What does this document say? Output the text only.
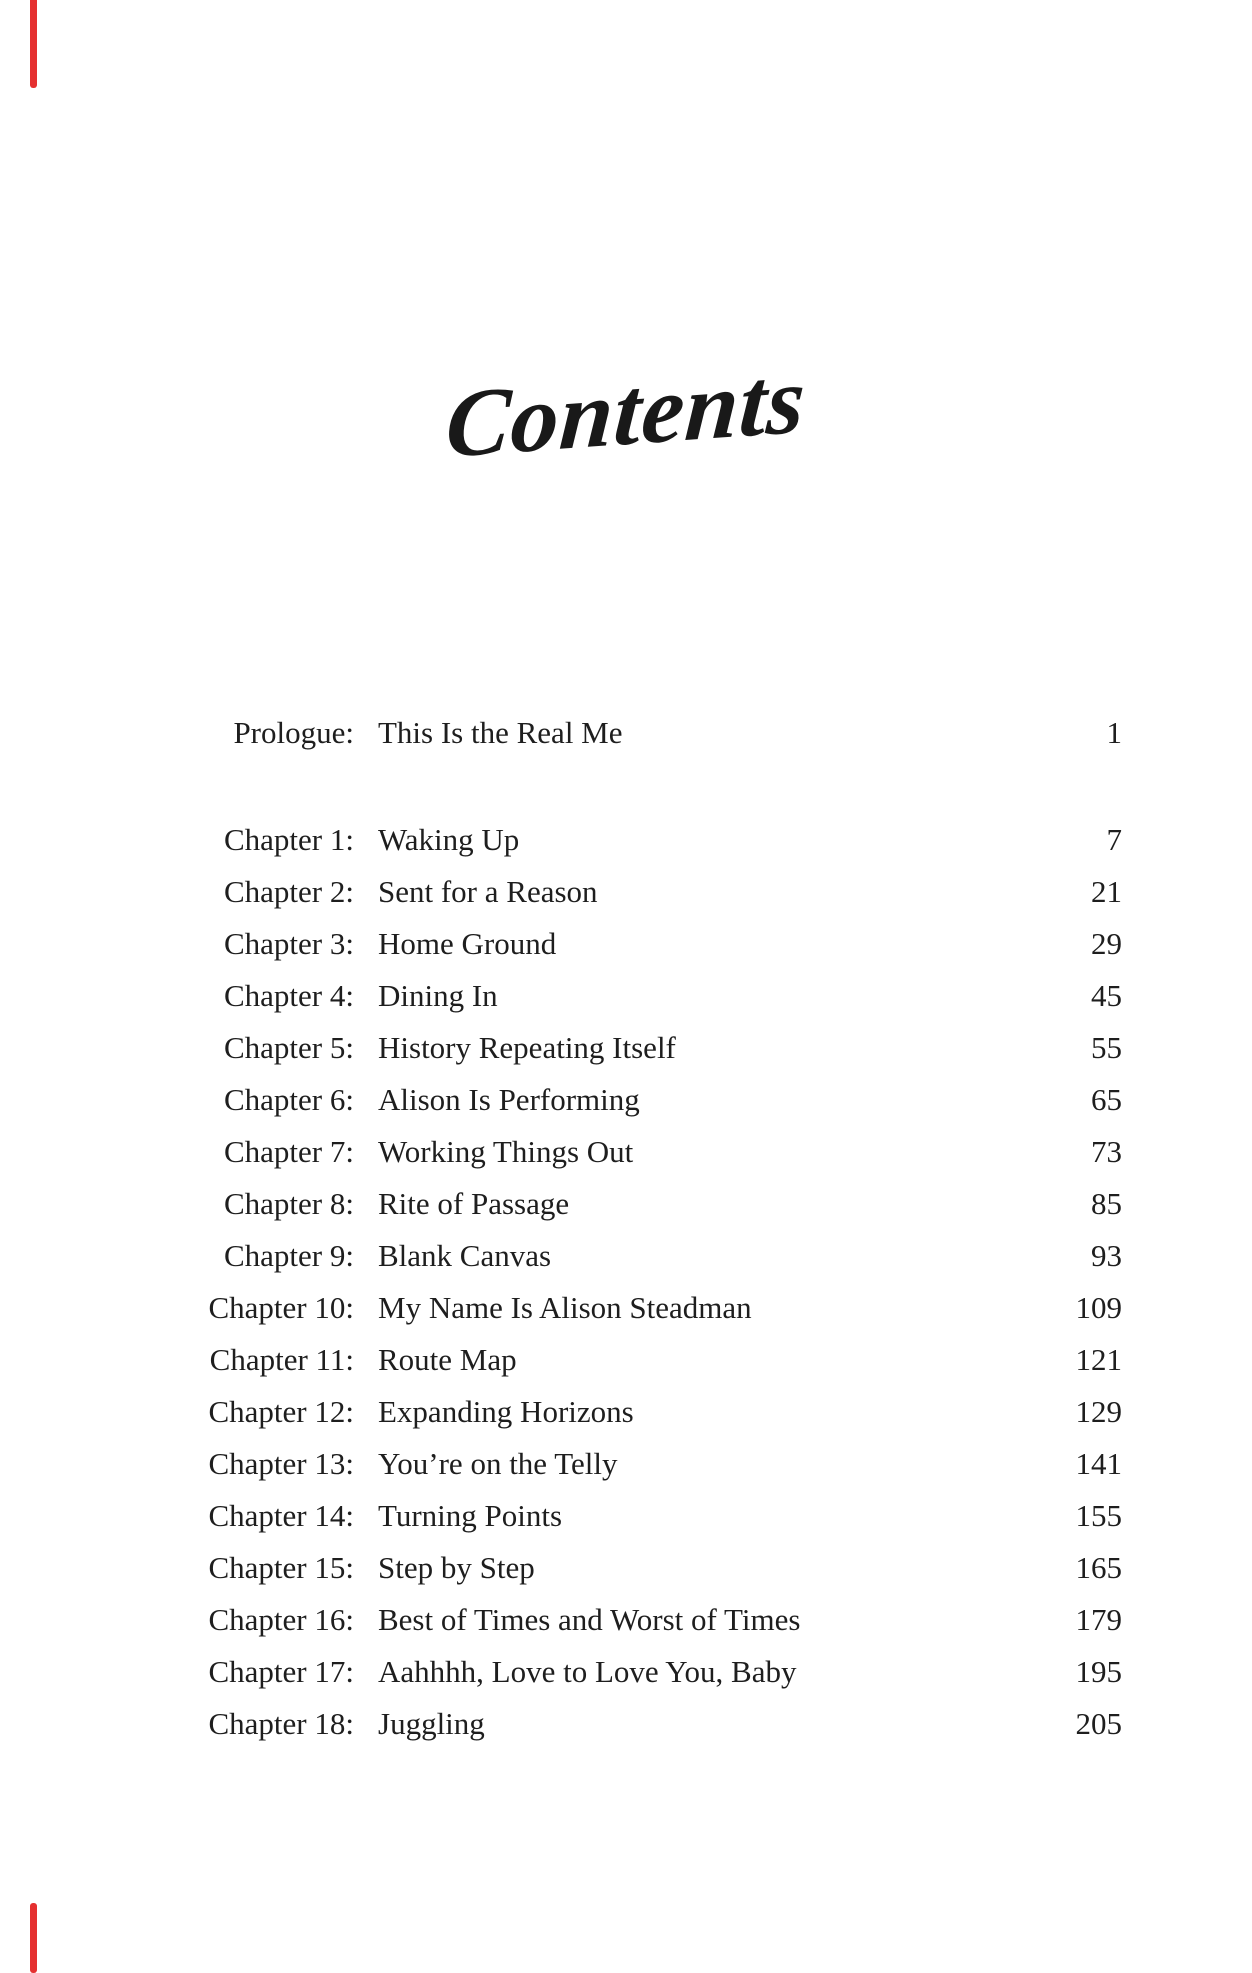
Contents
Prologue: This Is the Real Me	1
Chapter 1: Waking Up	7
Chapter 2: Sent for a Reason	21
Chapter 3: Home Ground	29
Chapter 4: Dining In	45
Chapter 5: History Repeating Itself	55
Chapter 6: Alison Is Performing	65
Chapter 7: Working Things Out	73
Chapter 8: Rite of Passage	85
Chapter 9: Blank Canvas	93
Chapter 10: My Name Is Alison Steadman	109
Chapter 11: Route Map	121
Chapter 12: Expanding Horizons	129
Chapter 13: You’re on the Telly	141
Chapter 14: Turning Points	155
Chapter 15: Step by Step	165
Chapter 16: Best of Times and Worst of Times	179
Chapter 17: Aahhhh, Love to Love You, Baby	195
Chapter 18: Juggling	205
